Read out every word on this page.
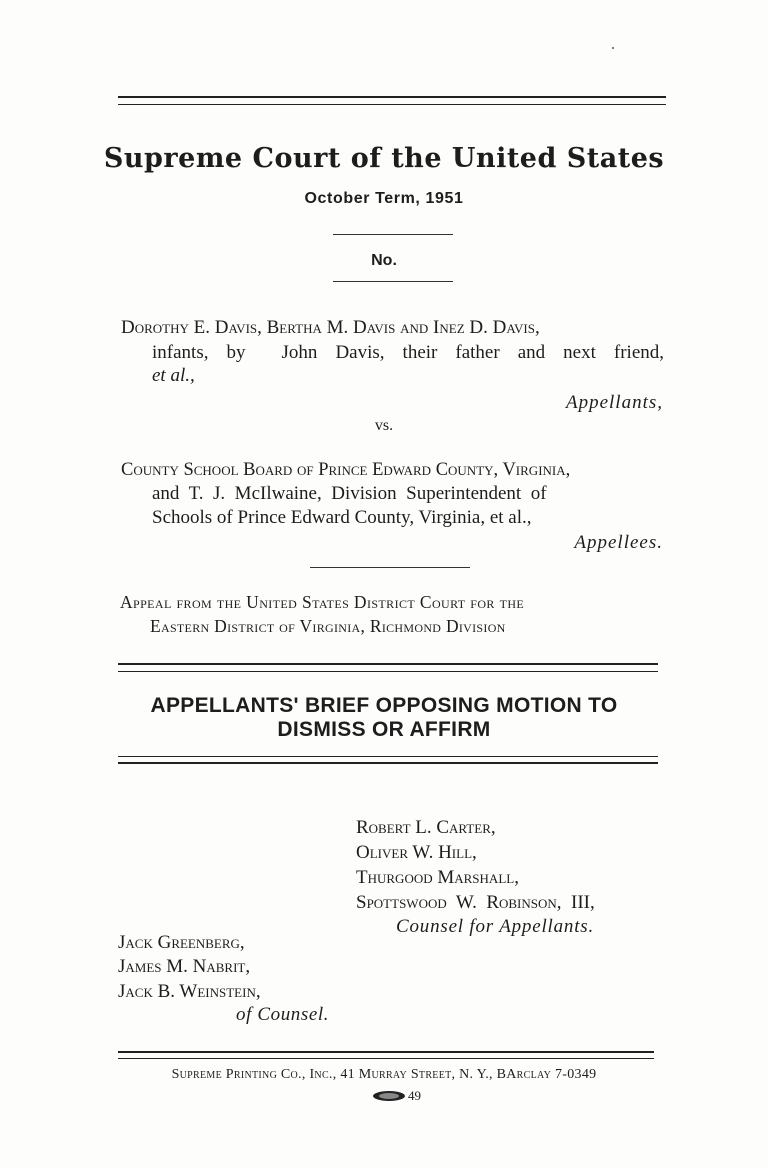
Supreme Court of the United States
October Term, 1951
No.
Dorothy E. Davis, Bertha M. Davis and Inez D. Davis,
infants, by  John Davis, their father and next friend,
et al.,
Appellants,
vs.
County School Board of Prince Edward County, Virginia,
and  T.  J.  McIlwaine,  Division  Superintendent  of
Schools of Prince Edward County, Virginia, et al.,
Appellees.
Appeal from the United States District Court for the
Eastern District of Virginia, Richmond Division
APPELLANTS' BRIEF OPPOSING MOTION TO
DISMISS OR AFFIRM
Robert L. Carter,
Oliver W. Hill,
Thurgood Marshall,
Spottswood  W.  Robinson,  III,
Counsel for Appellants.
Jack Greenberg,
James M. Nabrit,
Jack B. Weinstein,
of Counsel.
Supreme Printing Co., Inc., 41 Murray Street, N. Y., BArclay 7-0349
49
